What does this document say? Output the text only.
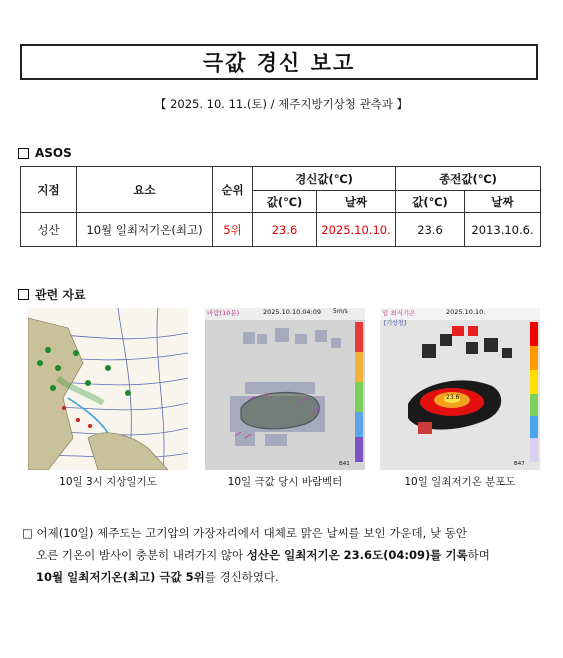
극값 경신 보고
【 2025. 10. 11.(토) / 제주지방기상청 관측과 】
ASOS
지점	요소	순위	경신값(℃)		종전값(℃)	
			값(℃)	날짜	값(℃)	날짜
성산	10월 일최저기온(최고)	5위	23.6	2025.10.10.	23.6	2013.10.6.
관련 자료
바람(10분)	2025.10.10.04:09 5m/s
B41
일 최저기온	2025.10.10.
[기상청]
23.6
B47
10일 3시 지상일기도	10일 극값 당시 바람벡터	10일 일최저기온 분포도
□ 어제(10일) 제주도는 고기압의 가장자리에서 대체로 맑은 날씨를 보인 가운데, 낮 동안
오른 기온이 밤사이 충분히 내려가지 않아 성산은 일최저기온 23.6도(04:09)를 기록하며
10월 일최저기온(최고) 극값 5위를 경신하였다.
